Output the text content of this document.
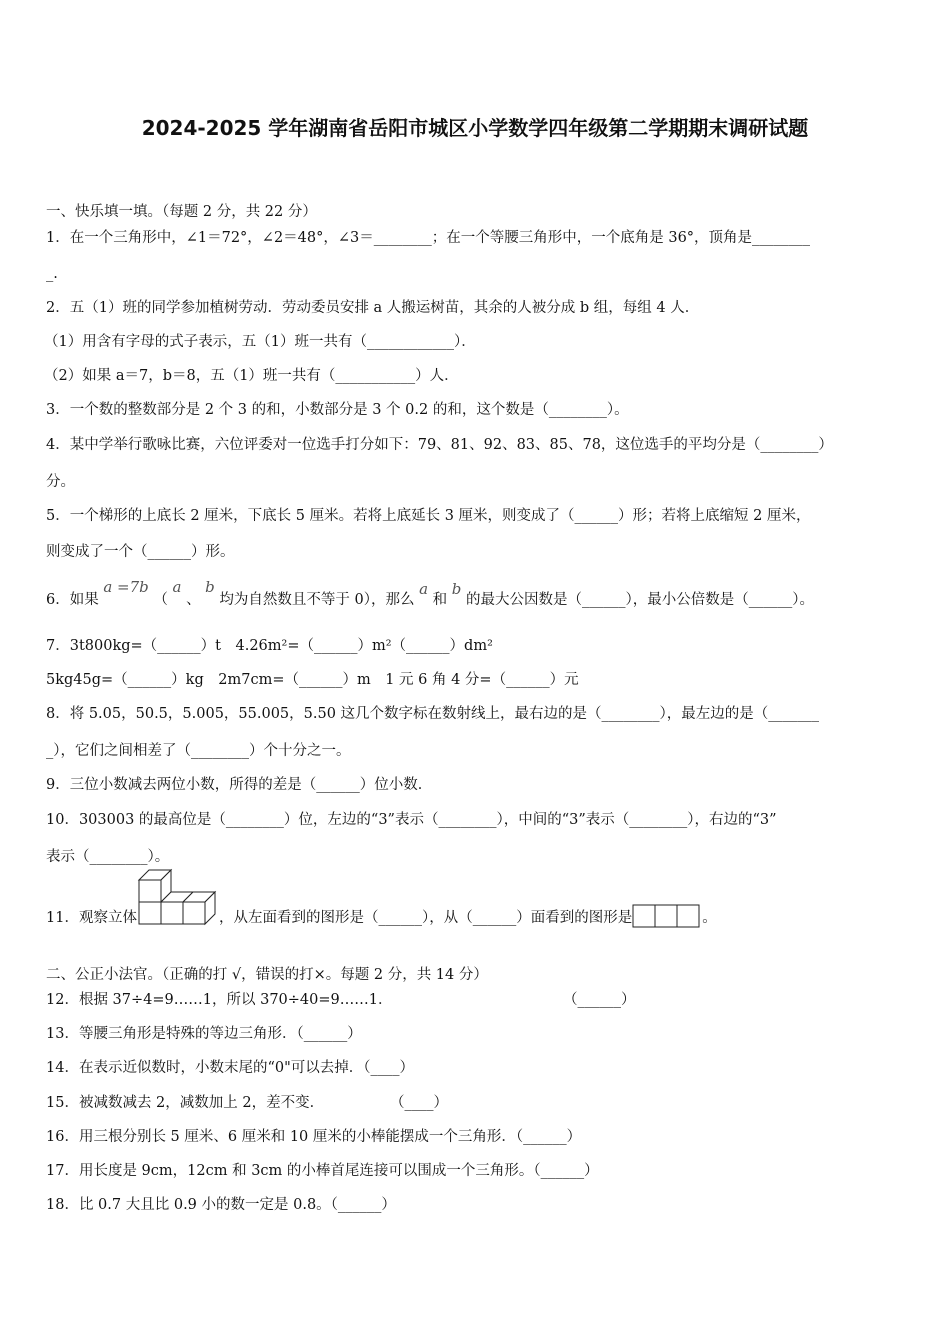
2024-2025 学年湖南省岳阳市城区小学数学四年级第二学期期末调研试题
一、快乐填一填。（每题 2 分，共 22 分）
1．在一个三角形中，∠1＝72°，∠2＝48°，∠3＝________；在一个等腰三角形中，一个底角是 36°，顶角是________
_.
2．五（1）班的同学参加植树劳动．劳动委员安排 a 人搬运树苗，其余的人被分成 b 组，每组 4 人．
（1）用含有字母的式子表示，五（1）班一共有（____________）．
（2）如果 a＝7，b＝8，五（1）班一共有（___________）人．
3．一个数的整数部分是 2 个 3 的和，小数部分是 3 个 0.2 的和，这个数是（________）。
4．某中学举行歌咏比赛，六位评委对一位选手打分如下：79、81、92、83、85、78，这位选手的平均分是（________）
分。
5．一个梯形的上底长 2 厘米，下底长 5 厘米。若将上底延长 3 厘米，则变成了（______）形；若将上底缩短 2 厘米，
则变成了一个（______）形。
6．如果 a =7b （ a 、 b 均为自然数且不等于 0），那么 a 和 b 的最大公因数是（______），最小公倍数是（______）。
7．3t800kg=（______）t　4.26m²=（______）m²（______）dm²
5kg45g=（______）kg　2m7cm=（______）m　1 元 6 角 4 分=（______）元
8．将 5.05，50.5，5.005，55.005，5.50 这几个数字标在数射线上，最右边的是（________），最左边的是（_______
_），它们之间相差了（________）个十分之一。
9．三位小数减去两位小数，所得的差是（______）位小数．
10．303003 的最高位是（________）位，左边的“3”表示（________），中间的“3”表示（________），右边的“3”
表示（________）。
11．观察立体	，从左面看到的图形是（______），从（______）面看到的图形是	。
二、公正小法官。（正确的打 √，错误的打×。每题 2 分，共 14 分）
12．根据 37÷4=9……1，所以 370÷40=9……1．	（______）
13．等腰三角形是特殊的等边三角形．（______）
14．在表示近似数时，小数末尾的“0"可以去掉．（____）
15．被减数减去 2，减数加上 2，差不变．	（____）
16．用三根分别长 5 厘米、6 厘米和 10 厘米的小棒能摆成一个三角形．（______）
17．用长度是 9cm，12cm 和 3cm 的小棒首尾连接可以围成一个三角形。（______）
18．比 0.7 大且比 0.9 小的数一定是 0.8。（______）
